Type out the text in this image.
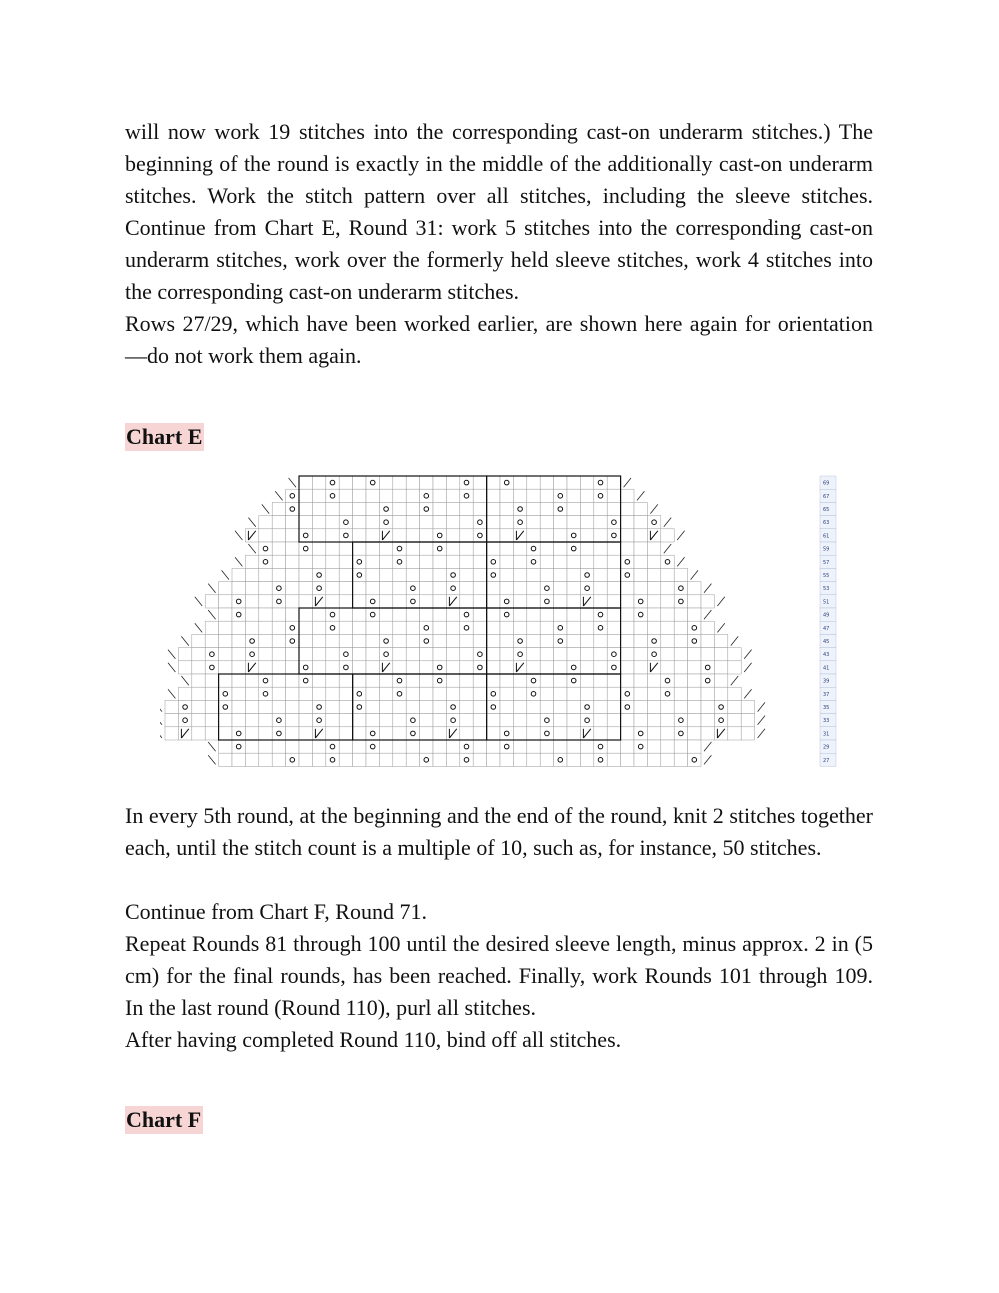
will now work 19 stitches into the corresponding cast-on underarm stitches.) The beginning of the round is exactly in the middle of the additionally cast-on underarm stitches. Work the stitch pattern over all stitches, including the sleeve stitches. Continue from Chart E, Round 31: work 5 stitches into the corresponding cast-on underarm stitches, work over the formerly held sleeve stitches, work 4 stitches into the corresponding cast-on underarm stitches.

Rows 27/29, which have been worked earlier, are shown here again for orientation—do not work them again.

Chart E
69
67
65
63
61
59
57
55
53
51
49
47
45
43
41
39
37
35
33
31
29
27

In every 5th round, at the beginning and the end of the round, knit 2 stitches together each, until the stitch count is a multiple of 10, such as, for instance, 50 stitches.

Continue from Chart F, Round 71.

Repeat Rounds 81 through 100 until the desired sleeve length, minus approx. 2 in (5 cm) for the final rounds, has been reached. Finally, work Rounds 101 through 109. In the last round (Round 110), purl all stitches.

After having completed Round 110, bind off all stitches.

Chart F
